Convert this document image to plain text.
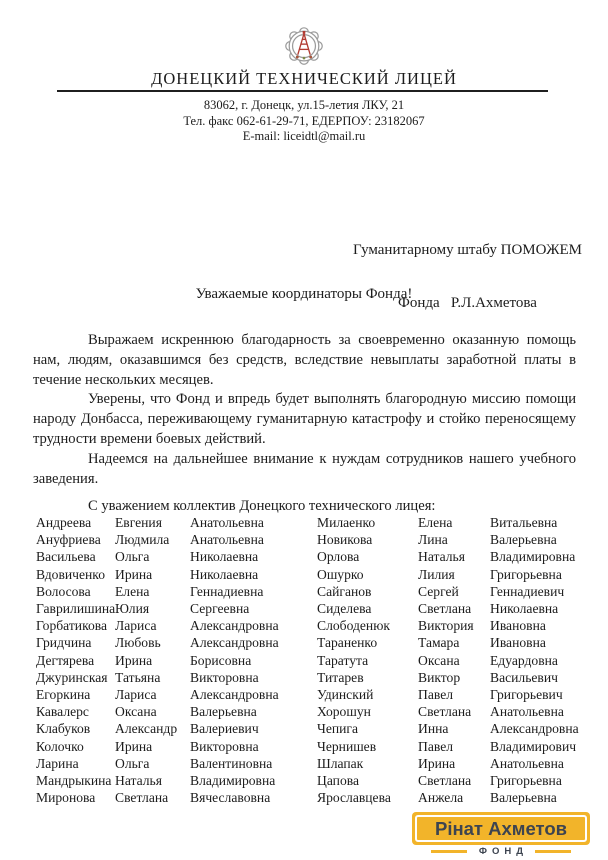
ДОНЕЦКИЙ ТЕХНИЧЕСКИЙ ЛИЦЕЙ
83062, г. Донецк, ул.15-летия ЛКУ, 21
Тел. факс 062-61-29-71, ЕДЕРПОУ: 23182067
E-mail: liceidtl@mail.ru

Гуманитарному штабу ПОМОЖЕМ

Фонда   Р.Л.Ахметова

Уважаемые координаторы Фонда!

Выражаем искреннюю благодарность за своевременно оказанную помощь нам, людям, оказавшимся без средств, вследствие невыплаты заработной платы в течение нескольких месяцев.

Уверены, что Фонд и впредь будет выполнять благородную миссию помощи народу Донбасса, переживающему гуманитарную катастрофу и стойко переносящему трудности времени боевых действий.

Надеемся на дальнейшее внимание к нуждам сотрудников нашего учебного заведения.

С уважением коллектив Донецкого технического лицея:

Андреева	Евгения	Анатольевна	Милаенко	Елена	Витальевна
Ануфриева	Людмила	Анатольевна	Новикова	Лина	Валерьевна
Васильева	Ольга	Николаевна	Орлова	Наталья	Владимировна
Вдовиченко Ирина	Николаевна	Ошурко	Лилия	Григорьевна
Волосова	Елена	Геннадиевна	Сайганов	Сергей	Геннадиевич
Гаврилишина Юлия	Сергеевна	Сиделева	Светлана	Николаевна
Горбатикова Лариса	Александровна	Слободенюк	Виктория	Ивановна
Гридчина	Любовь	Александровна	Тараненко	Тамара	Ивановна
Дегтярева	Ирина	Борисовна	Таратута	Оксана	Едуардовна
Джуринская Татьяна	Викторовна	Титарев	Виктор	Васильевич
Егоркина	Лариса	Александровна	Удинский	Павел	Григорьевич
Кавалерс	Оксана	Валерьевна	Хорошун	Светлана	Анатольевна
Клабуков	Александр Валериевич	Чепига	Инна	Александровна
Колочко	Ирина	Викторовна	Чернишев	Павел	Владимирович
Ларина	Ольга	Валентиновна	Шлапак	Ирина	Анатольевна
Мандрыкина Наталья	Владимировна	Цапова	Светлана	Григорьевна
Миронова	Светлана	Вячеславовна	Ярославцева	Анжела	Валерьевна
Рінат Ахметов
ФОНД
